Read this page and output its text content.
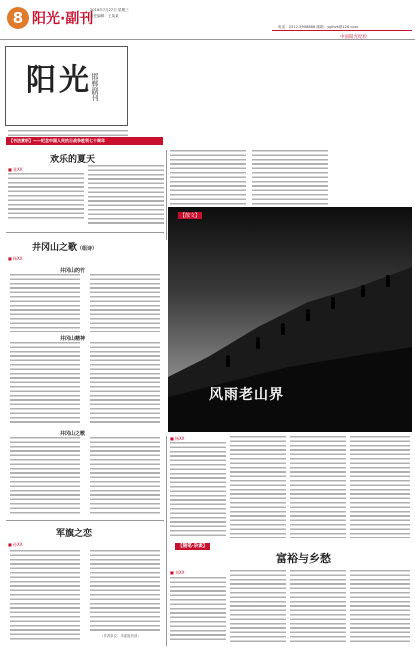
8 阳光·副刊
2016年7月27日 星期三
责任编辑：王某某
电话：0312-5908888 邮箱：yglhzk@126.com
中国阳光纪检
阳光 邯郸副刊
【书法赏析】——纪念中国人民抗日战争胜利七十周年
欢乐的夏天
■ 张XX
【散文】
风雨老山界
井冈山之歌（组诗）
■ 杨XX
井冈山的竹
井冈山精神
井冈山之歌
军旗之恋
■ 孙XX
（作者单位：市委组织部）
■ 杨XX
【随笔·杂谈】
富裕与乡愁
■ 刘XX
